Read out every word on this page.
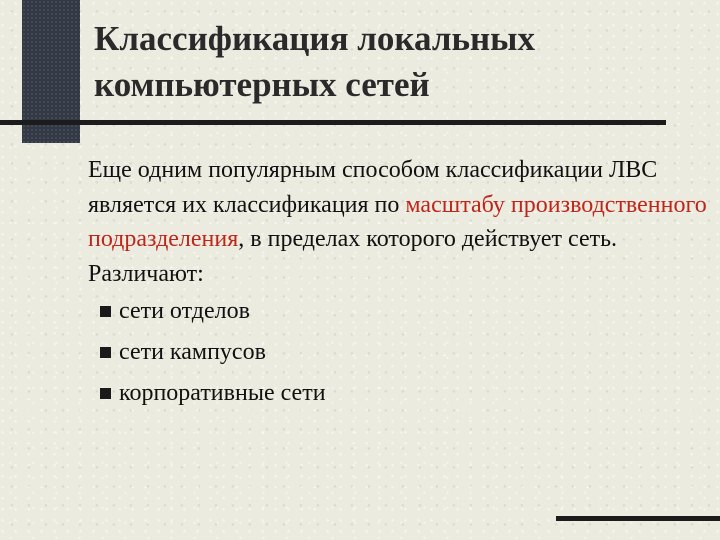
Классификация локальных
компьютерных сетей

Еще одним популярным способом классификации ЛВС является их классификация по масштабу производственного подразделения, в пределах которого действует сеть.

Различают:

сети отделов
сети кампусов
корпоративные сети
